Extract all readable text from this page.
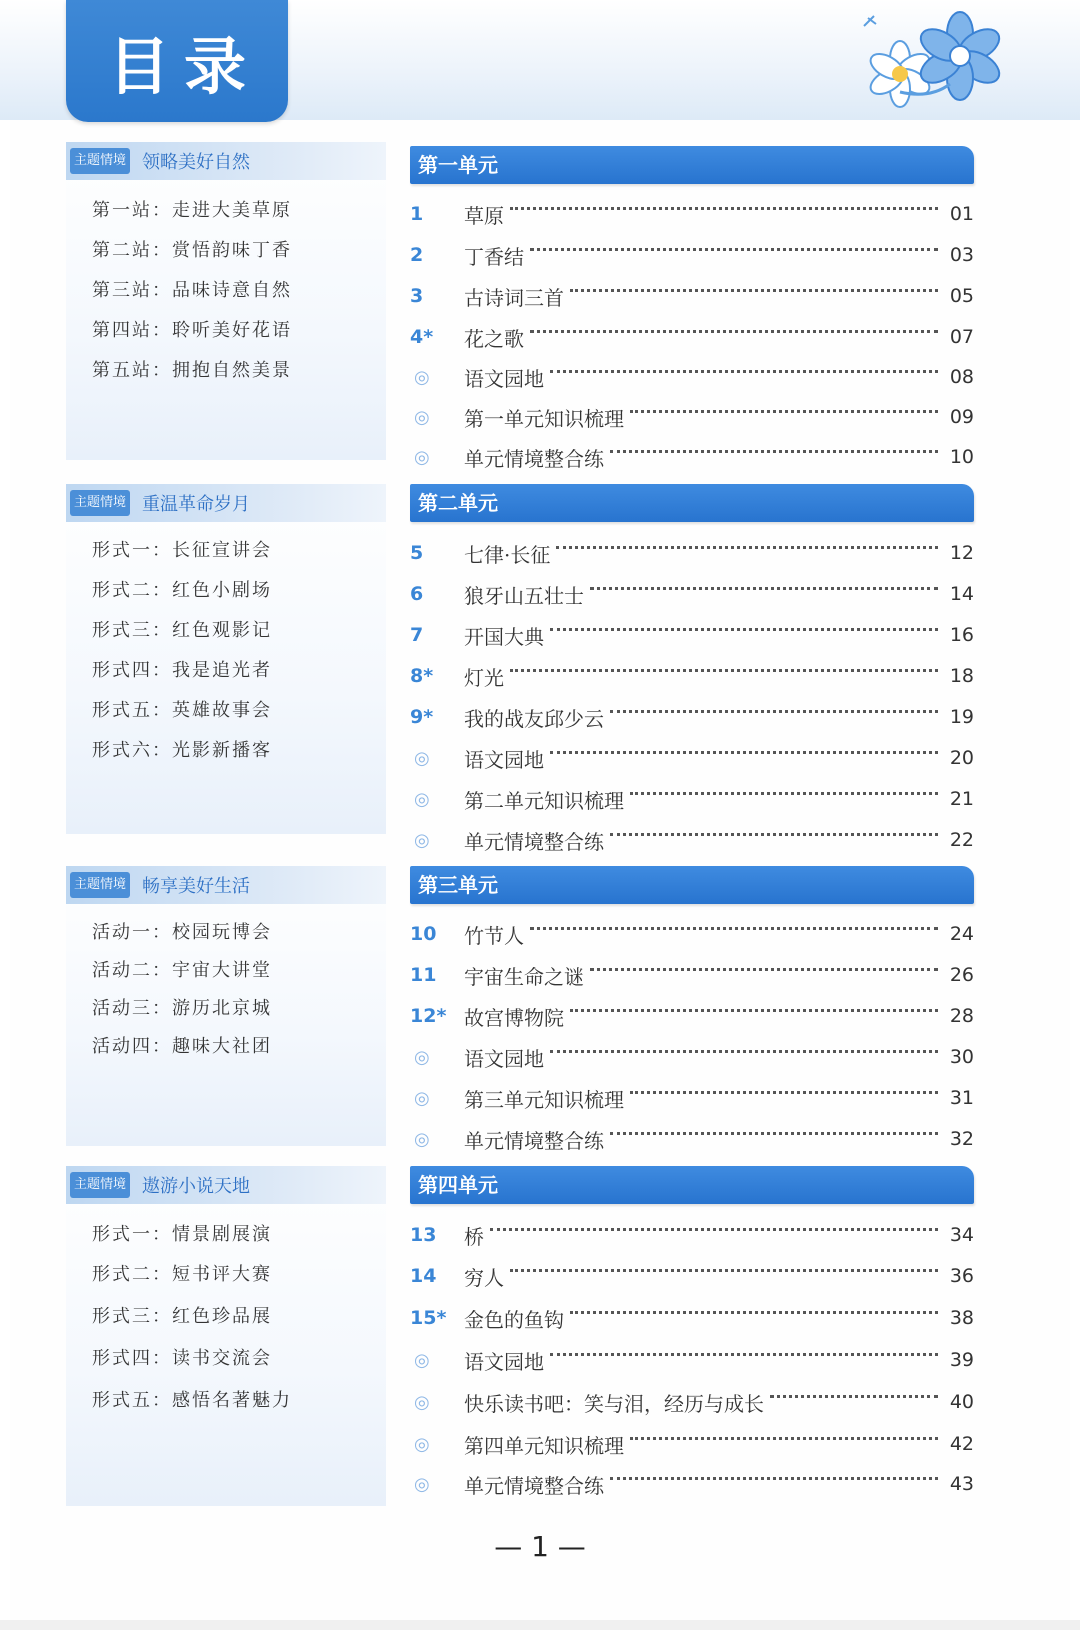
目录
主题情境 领略美好自然
第一站：走进大美草原
第二站：赏悟韵味丁香
第三站：品味诗意自然
第四站：聆听美好花语
第五站：拥抱自然美景
主题情境 重温革命岁月
形式一：长征宣讲会
形式二：红色小剧场
形式三：红色观影记
形式四：我是追光者
形式五：英雄故事会
形式六：光影新播客
主题情境 畅享美好生活
活动一：校园玩博会
活动二：宇宙大讲堂
活动三：游历北京城
活动四：趣味大社团
主题情境 遨游小说天地
形式一：情景剧展演
形式二：短书评大赛
形式三：红色珍品展
形式四：读书交流会
形式五：感悟名著魅力
第一单元
1	草原	01
2	丁香结	03
3	古诗词三首	05
4*	花之歌	07
◎	语文园地	08
◎	第一单元知识梳理	09
◎	单元情境整合练	10
第二单元
5	七律·长征	12
6	狼牙山五壮士	14
7	开国大典	16
8*	灯光	18
9*	我的战友邱少云	19
◎	语文园地	20
◎	第二单元知识梳理	21
◎	单元情境整合练	22
第三单元
10	竹节人	24
11	宇宙生命之谜	26
12* 故宫博物院	28
◎	语文园地	30
◎	第三单元知识梳理	31
◎	单元情境整合练	32
第四单元
13	桥	34
14	穷人	36
15* 金色的鱼钩	38
◎	语文园地	39
◎	快乐读书吧：笑与泪，经历与成长	40
◎	第四单元知识梳理	42
◎	单元情境整合练	43
— 1 —
